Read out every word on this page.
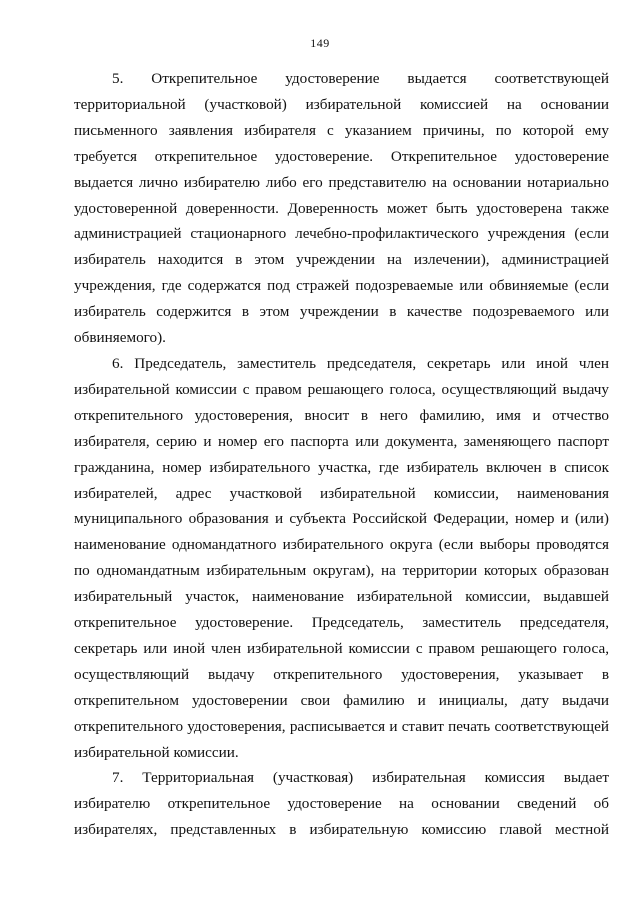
149

5. Открепительное удостоверение выдается соответствующей территориальной (участковой) избирательной комиссией на основании письменного заявления избирателя с указанием причины, по которой ему требуется открепительное удостоверение. Открепительное удостоверение выдается лично избирателю либо его представителю на основании нотариально удостоверенной доверенности. Доверенность может быть удостоверена также администрацией стационарного лечебно-профилактического учреждения (если избиратель находится в этом учреждении на излечении), администрацией учреждения, где содержатся под стражей подозреваемые или обвиняемые (если избиратель содержится в этом учреждении в качестве подозреваемого или обвиняемого).

6. Председатель, заместитель председателя, секретарь или иной член избирательной комиссии с правом решающего голоса, осуществляющий выдачу открепительного удостоверения, вносит в него фамилию, имя и отчество избирателя, серию и номер его паспорта или документа, заменяющего паспорт гражданина, номер избирательного участка, где избиратель включен в список избирателей, адрес участковой избирательной комиссии, наименования муниципального образования и субъекта Российской Федерации, номер и (или) наименование одномандатного избирательного округа (если выборы проводятся по одномандатным избирательным округам), на территории которых образован избирательный участок, наименование избирательной комиссии, выдавшей открепительное удостоверение. Председатель, заместитель председателя, секретарь или иной член избирательной комиссии с правом решающего голоса, осуществляющий выдачу открепительного удостоверения, указывает в открепительном удостоверении свои фамилию и инициалы, дату выдачи открепительного удостоверения, расписывается и ставит печать соответствующей избирательной комиссии.

7. Территориальная (участковая) избирательная комиссия выдает избирателю открепительное удостоверение на основании сведений об избирателях, представленных в избирательную комиссию главой местной
